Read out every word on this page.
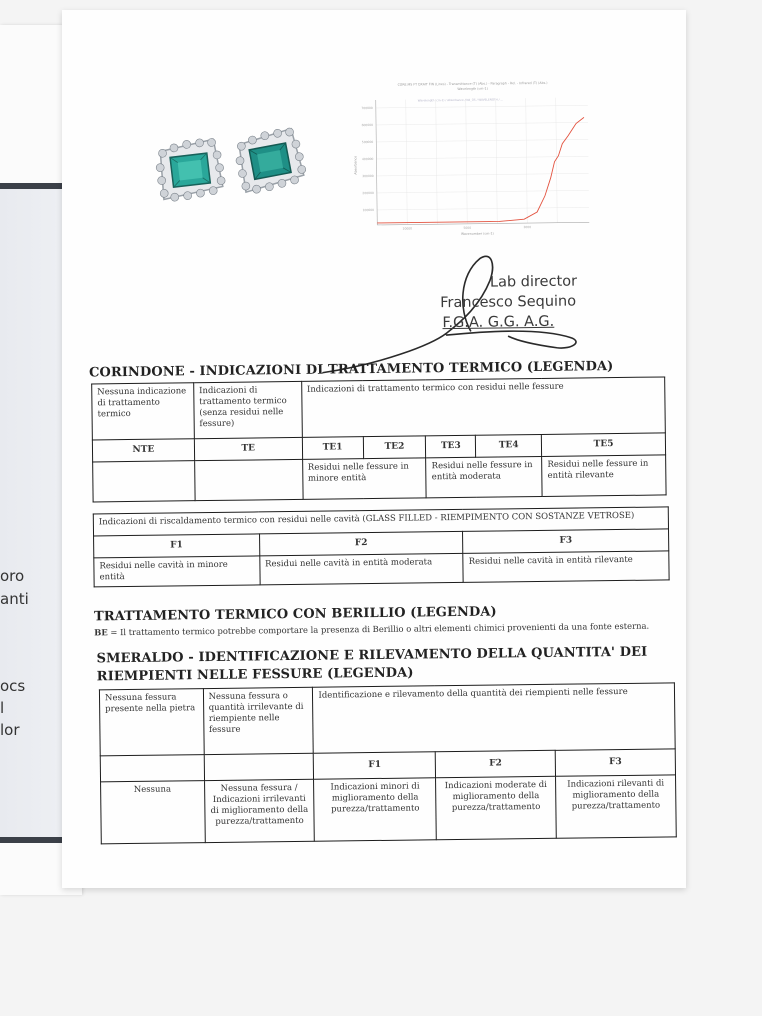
oro
anti
ocs
l
lor
CORE.MS FT DXAIT FIN (Lines) - Transmittance (T) (Abs.) - Paragraph - Rel. - Infrared (T) (Abs.)
Wavelength (cm-1)
Wavelength (cm-1) / Absorbance / Nd_OS / WAVELENGTH / ...
700000
600000
500000
400000
300000
200000
100000
10000	5000	3000
Wavenumber (cm-1)
Absorbance
Lab director
Francesco Sequino
F.G.A. G.G. A.G.
CORINDONE - INDICAZIONI DI TRATTAMENTO TERMICO (LEGENDA)
Nessuna indicazione di trattamento termico	Indicazioni di trattamento termico (senza residui nelle fessure)	Indicazioni di trattamento termico con residui nelle fessure				
NTE	TE	TE1	TE2	TE3	TE4	TE5
		Residui nelle fessure in minore entità		Residui nelle fessure in entità moderata		Residui nelle fessure in entità rilevante
Indicazioni di riscaldamento termico con residui nelle cavità (GLASS FILLED - RIEMPIMENTO CON SOSTANZE VETROSE)		
F1	F2	F3
Residui nelle cavità in minore entità	Residui nelle cavità in entità moderata	Residui nelle cavità in entità rilevante
TRATTAMENTO TERMICO CON BERILLIO (LEGENDA)
BE = Il trattamento termico potrebbe comportare la presenza di Berillio o altri elementi chimici provenienti da una fonte esterna.
SMERALDO - IDENTIFICAZIONE E RILEVAMENTO DELLA QUANTITA' DEI
RIEMPIENTI NELLE FESSURE (LEGENDA)
Nessuna fessura presente nella pietra	Nessuna fessura o quantità irrilevante di riempiente nelle fessure	Identificazione e rilevamento della quantità dei riempienti nelle fessure		
		F1	F2	F3
Nessuna	Nessuna fessura / Indicazioni irrilevanti di miglioramento della purezza/trattamento	Indicazioni minori di miglioramento della purezza/trattamento	Indicazioni moderate di miglioramento della purezza/trattamento	Indicazioni rilevanti di miglioramento della purezza/trattamento
